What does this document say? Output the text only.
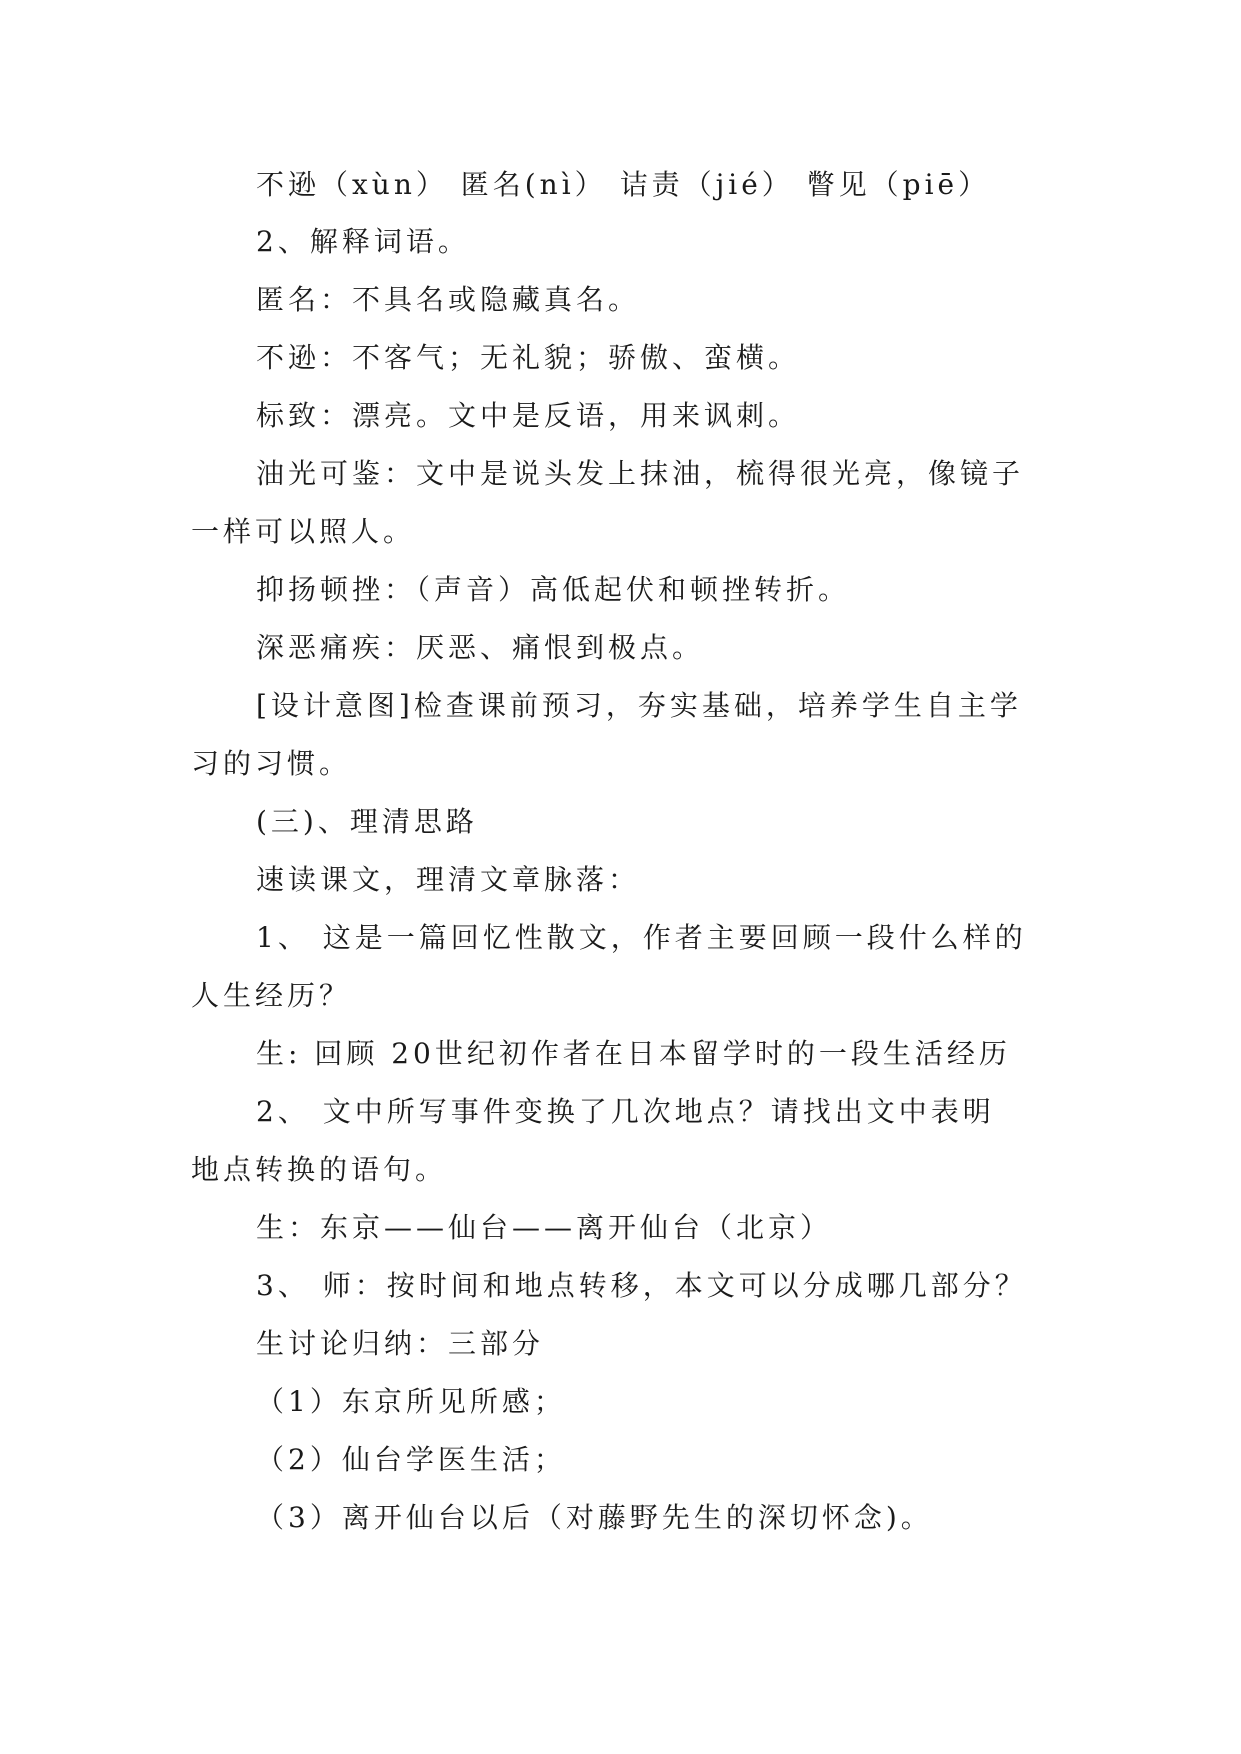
不逊（xùn） 匿名(nì） 诘责（jié） 瞥见（piē）
2、解释词语。
匿名：不具名或隐藏真名。
不逊：不客气；无礼貌；骄傲、蛮横。
标致：漂亮。文中是反语，用来讽刺。
油光可鉴：文中是说头发上抹油，梳得很光亮，像镜子
一样可以照人。
抑扬顿挫：（声音）高低起伏和顿挫转折。
深恶痛疾：厌恶、痛恨到极点。
[设计意图]检查课前预习，夯实基础，培养学生自主学
习的习惯。
(三)、理清思路
速读课文，理清文章脉落：
1、 这是一篇回忆性散文，作者主要回顾一段什么样的
人生经历？
生: 回顾 20世纪初作者在日本留学时的一段生活经历
2、 文中所写事件变换了几次地点？请找出文中表明
地点转换的语句。
生：东京——仙台——离开仙台（北京）
3、 师：按时间和地点转移，本文可以分成哪几部分？
生讨论归纳：三部分
（1）东京所见所感；
（2）仙台学医生活；
（3）离开仙台以后（对藤野先生的深切怀念)。
